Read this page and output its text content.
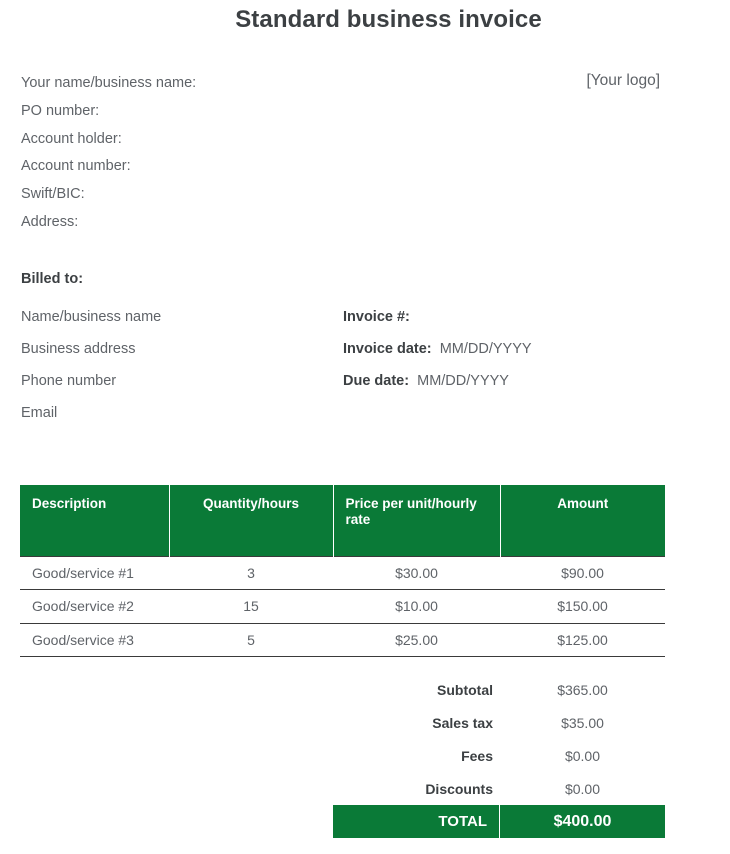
Standard business invoice
Your name/business name:
PO number:
Account holder:
Account number:
Swift/BIC:
Address:
[Your logo]
Billed to:
Name/business name
Business address
Phone number
Email
Invoice #:
Invoice date:  MM/DD/YYYY
Due date:  MM/DD/YYYY
Description	Quantity/hours	Price per unit/hourly rate	Amount
Good/service #1	3	$30.00	$90.00
Good/service #2	15	$10.00	$150.00
Good/service #3	5	$25.00	$125.00
Subtotal	$365.00
Sales tax	$35.00
Fees	$0.00
Discounts	$0.00
TOTAL	$400.00
